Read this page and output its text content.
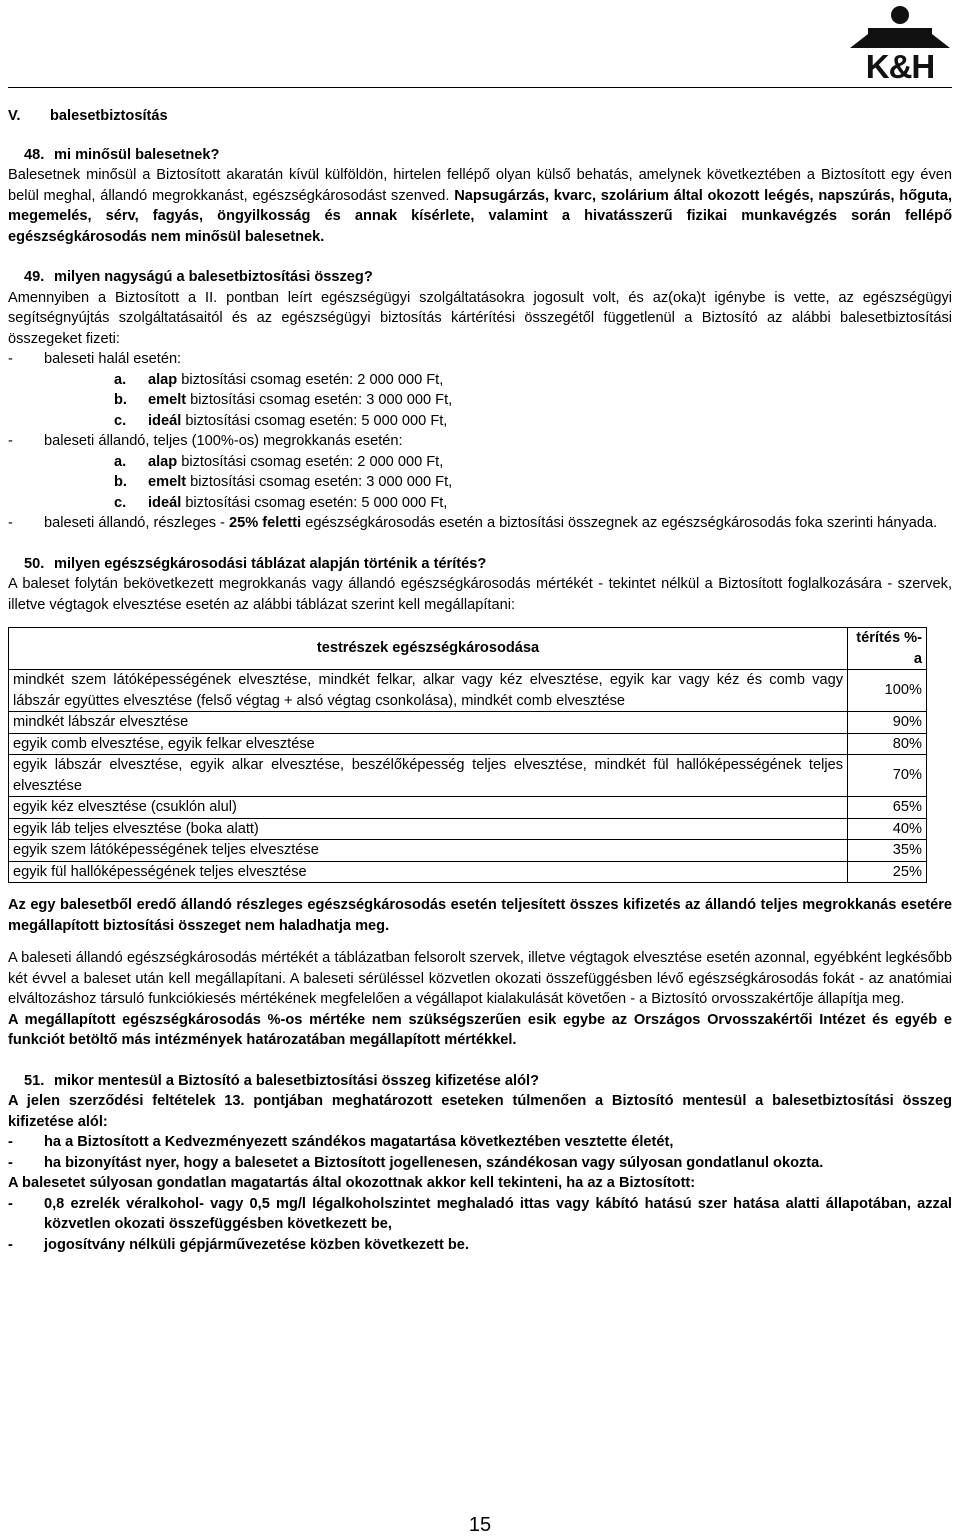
K&H
V. balesetbiztosítás
48. mi minősül balesetnek?

Balesetnek minősül a Biztosított akaratán kívül külföldön, hirtelen fellépő olyan külső behatás, amelynek következtében a Biztosított egy éven belül meghal, állandó megrokkanást, egészségkárosodást szenved. Napsugárzás, kvarc, szolárium által okozott leégés, napszúrás, hőguta, megemelés, sérv, fagyás, öngyilkosság és annak kísérlete, valamint a hivatásszerű fizikai munkavégzés során fellépő egészségkárosodás nem minősül balesetnek.

49. milyen nagyságú a balesetbiztosítási összeg?

Amennyiben a Biztosított a II. pontban leírt egészségügyi szolgáltatásokra jogosult volt, és az(oka)t igénybe is vette, az egészségügyi segítségnyújtás szolgáltatásaitól és az egészségügyi biztosítás kártérítési összegétől függetlenül a Biztosító az alábbi balesetbiztosítási összegeket fizeti:

-	baleseti halál esetén:
a. alap biztosítási csomag esetén: 2 000 000 Ft,
b. emelt biztosítási csomag esetén: 3 000 000 Ft,
c. ideál biztosítási csomag esetén: 5 000 000 Ft,
-	baleseti állandó, teljes (100%-os) megrokkanás esetén:
a. alap biztosítási csomag esetén: 2 000 000 Ft,
b. emelt biztosítási csomag esetén: 3 000 000 Ft,
c. ideál biztosítási csomag esetén: 5 000 000 Ft,
-	baleseti állandó, részleges - 25% feletti egészségkárosodás esetén a biztosítási összegnek az egészségkárosodás foka szerinti hányada.
50. milyen egészségkárosodási táblázat alapján történik a térítés?

A baleset folytán bekövetkezett megrokkanás vagy állandó egészségkárosodás mértékét - tekintet nélkül a Biztosított foglalkozására - szervek, illetve végtagok elvesztése esetén az alábbi táblázat szerint kell megállapítani:

testrészek egészségkárosodása	térítés %-a
mindkét szem látóképességének elvesztése, mindkét felkar, alkar vagy kéz elvesztése, egyik kar vagy kéz és comb vagy lábszár együttes elvesztése (felső végtag + alsó végtag csonkolása), mindkét comb elvesztése	100%
mindkét lábszár elvesztése	90%
egyik comb elvesztése, egyik felkar elvesztése	80%
egyik lábszár elvesztése, egyik alkar elvesztése, beszélőképesség teljes elvesztése, mindkét fül hallóképességének teljes elvesztése	70%
egyik kéz elvesztése (csuklón alul)	65%
egyik láb teljes elvesztése (boka alatt)	40%
egyik szem látóképességének teljes elvesztése	35%
egyik fül hallóképességének teljes elvesztése	25%

Az egy balesetből eredő állandó részleges egészségkárosodás esetén teljesített összes kifizetés az állandó teljes megrokkanás esetére megállapított biztosítási összeget nem haladhatja meg.

A baleseti állandó egészségkárosodás mértékét a táblázatban felsorolt szervek, illetve végtagok elvesztése esetén azonnal, egyébként legkésőbb két évvel a baleset után kell megállapítani. A baleseti sérüléssel közvetlen okozati összefüggésben lévő egészségkárosodás fokát - az anatómiai elváltozáshoz társuló funkciókiesés mértékének megfelelően a végállapot kialakulását követően - a Biztosító orvosszakértője állapítja meg.

A megállapított egészségkárosodás %-os mértéke nem szükségszerűen esik egybe az Országos Orvosszakértői Intézet és egyéb e funkciót betöltő más intézmények határozatában megállapított mértékkel.

51. mikor mentesül a Biztosító a balesetbiztosítási összeg kifizetése alól?

A jelen szerződési feltételek 13. pontjában meghatározott eseteken túlmenően a Biztosító mentesül a balesetbiztosítási összeg kifizetése alól:

-	ha a Biztosított a Kedvezményezett szándékos magatartása következtében vesztette életét,
-	ha bizonyítást nyer, hogy a balesetet a Biztosított jogellenesen, szándékosan vagy súlyosan gondatlanul okozta.

A balesetet súlyosan gondatlan magatartás által okozottnak akkor kell tekinteni, ha az a Biztosított:

-	0,8 ezrelék véralkohol- vagy 0,5 mg/l légalkoholszintet meghaladó ittas vagy kábító hatású szer hatása alatti állapotában, azzal közvetlen okozati összefüggésben következett be,
-	jogosítvány nélküli gépjárművezetése közben következett be.
15
